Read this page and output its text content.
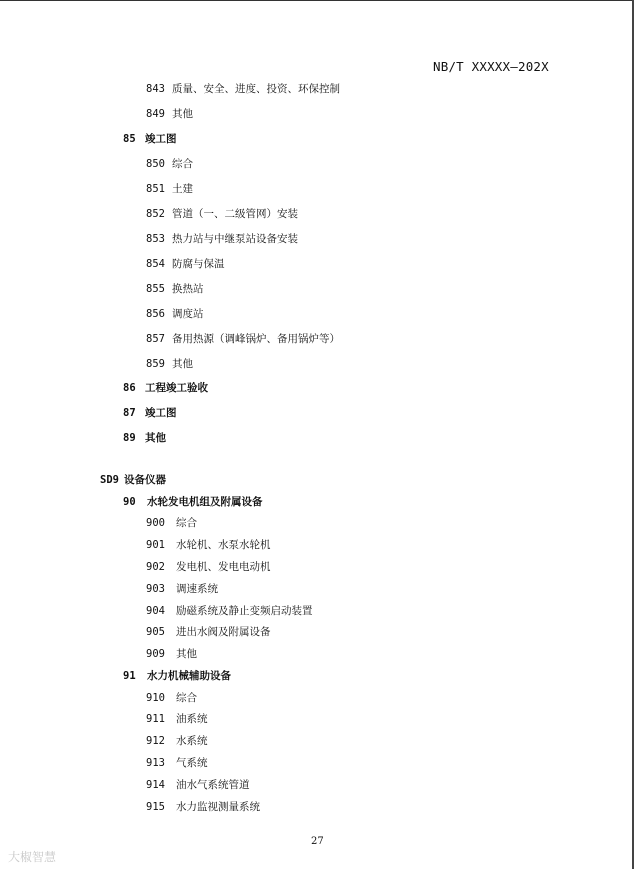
NB/T XXXXX—202X
843 质量、安全、进度、投资、环保控制
849 其他
85 竣工图
850 综合
851 土建
852 管道（一、二级管网）安装
853 热力站与中继泵站设备安装
854 防腐与保温
855 换热站
856 调度站
857 备用热源（调峰锅炉、备用锅炉等）
859 其他
86 工程竣工验收
87 竣工图
89 其他
SD9 设备仪器
90 水轮发电机组及附属设备
900 综合
901 水轮机、水泵水轮机
902 发电机、发电电动机
903 调速系统
904 励磁系统及静止变频启动装置
905 进出水阀及附属设备
909 其他
91 水力机械辅助设备
910 综合
911 油系统
912 水系统
913 气系统
914 油水气系统管道
915 水力监视测量系统
27
大椒智慧
